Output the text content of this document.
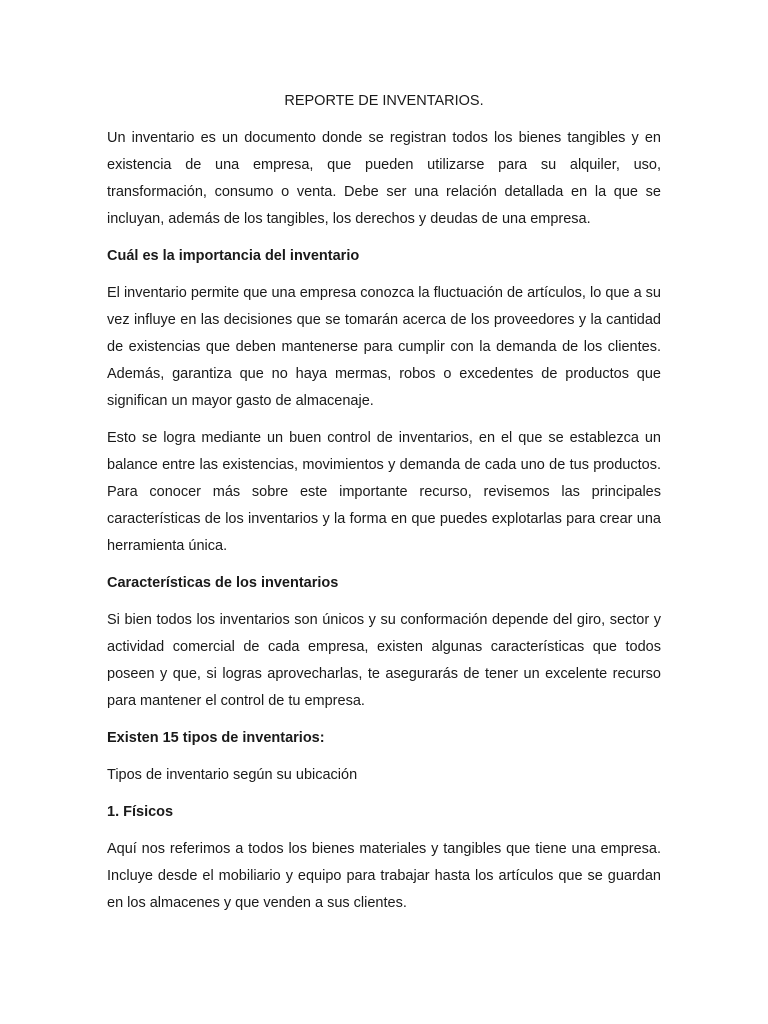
REPORTE DE INVENTARIOS.

Un inventario es un documento donde se registran todos los bienes tangibles y en existencia de una empresa, que pueden utilizarse para su alquiler, uso, transformación, consumo o venta. Debe ser una relación detallada en la que se incluyan, además de los tangibles, los derechos y deudas de una empresa.

Cuál es la importancia del inventario

El inventario permite que una empresa conozca la fluctuación de artículos, lo que a su vez influye en las decisiones que se tomarán acerca de los proveedores y la cantidad de existencias que deben mantenerse para cumplir con la demanda de los clientes. Además, garantiza que no haya mermas, robos o excedentes de productos que significan un mayor gasto de almacenaje.

Esto se logra mediante un buen control de inventarios, en el que se establezca un balance entre las existencias, movimientos y demanda de cada uno de tus productos. Para conocer más sobre este importante recurso, revisemos las principales características de los inventarios y la forma en que puedes explotarlas para crear una herramienta única.

Características de los inventarios

Si bien todos los inventarios son únicos y su conformación depende del giro, sector y actividad comercial de cada empresa, existen algunas características que todos poseen y que, si logras aprovecharlas, te asegurarás de tener un excelente recurso para mantener el control de tu empresa.

Existen 15 tipos de inventarios:

Tipos de inventario según su ubicación

1. Físicos

Aquí nos referimos a todos los bienes materiales y tangibles que tiene una empresa. Incluye desde el mobiliario y equipo para trabajar hasta los artículos que se guardan en los almacenes y que venden a sus clientes.
